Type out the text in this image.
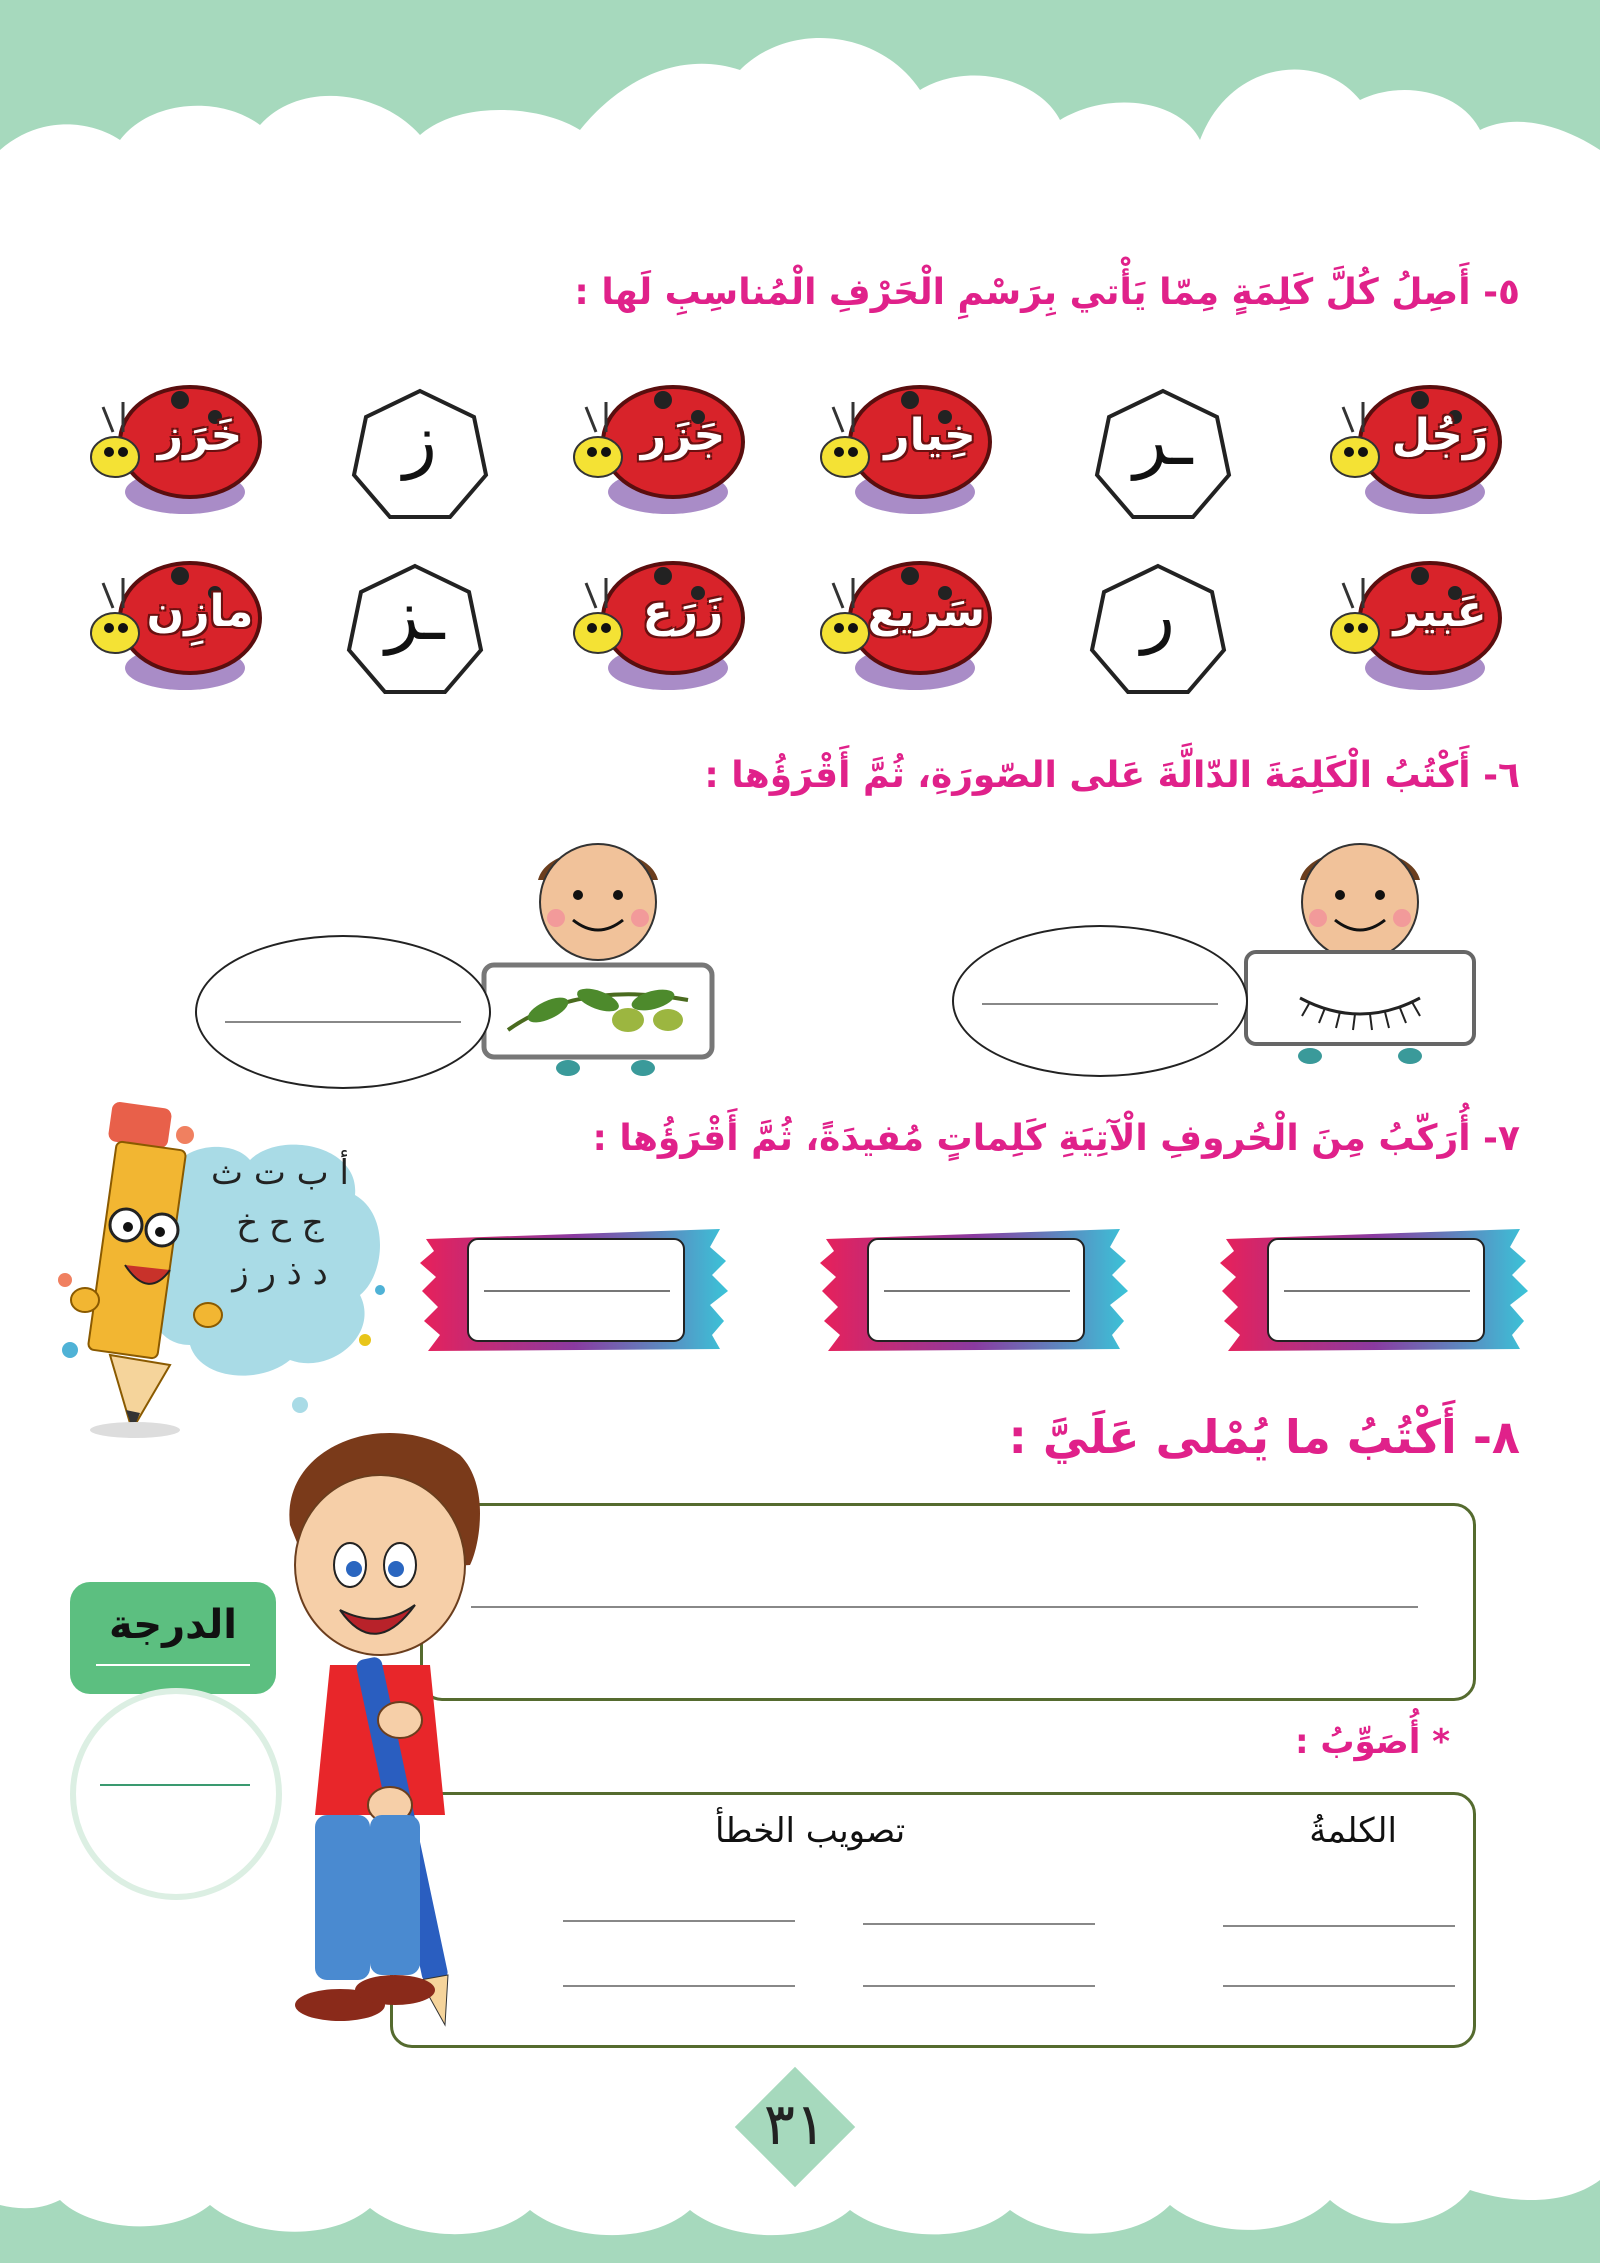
٥- أَصِلُ كُلَّ كَلِمَةٍ مِمّا يَأْتي بِرَسْمِ الْحَرْفِ الْمُناسِبِ لَها :
رَجُل
ـر
خِيار
جَزَر
ز
خَرَز
عَبير
ر
سَريع
زَرَع
ـز
مازِن
٦- أَكْتُبُ الْكَلِمَةَ الدّالَّةَ عَلى الصّورَةِ، ثُمَّ أَقْرَؤُها :
٧- أُرَكّبُ مِنَ الْحُروفِ الْآتِيَةِ كَلِماتٍ مُفيدَةً، ثُمَّ أَقْرَؤُها :
أ ب ت ث
ج ح خ
د ذ ر ز
٨- أَكْتُبُ ما يُمْلى عَلَيَّ :
* أُصَوِّبُ :
الكلمةُ
تصويب الخطأ
الدرجة
٣١
